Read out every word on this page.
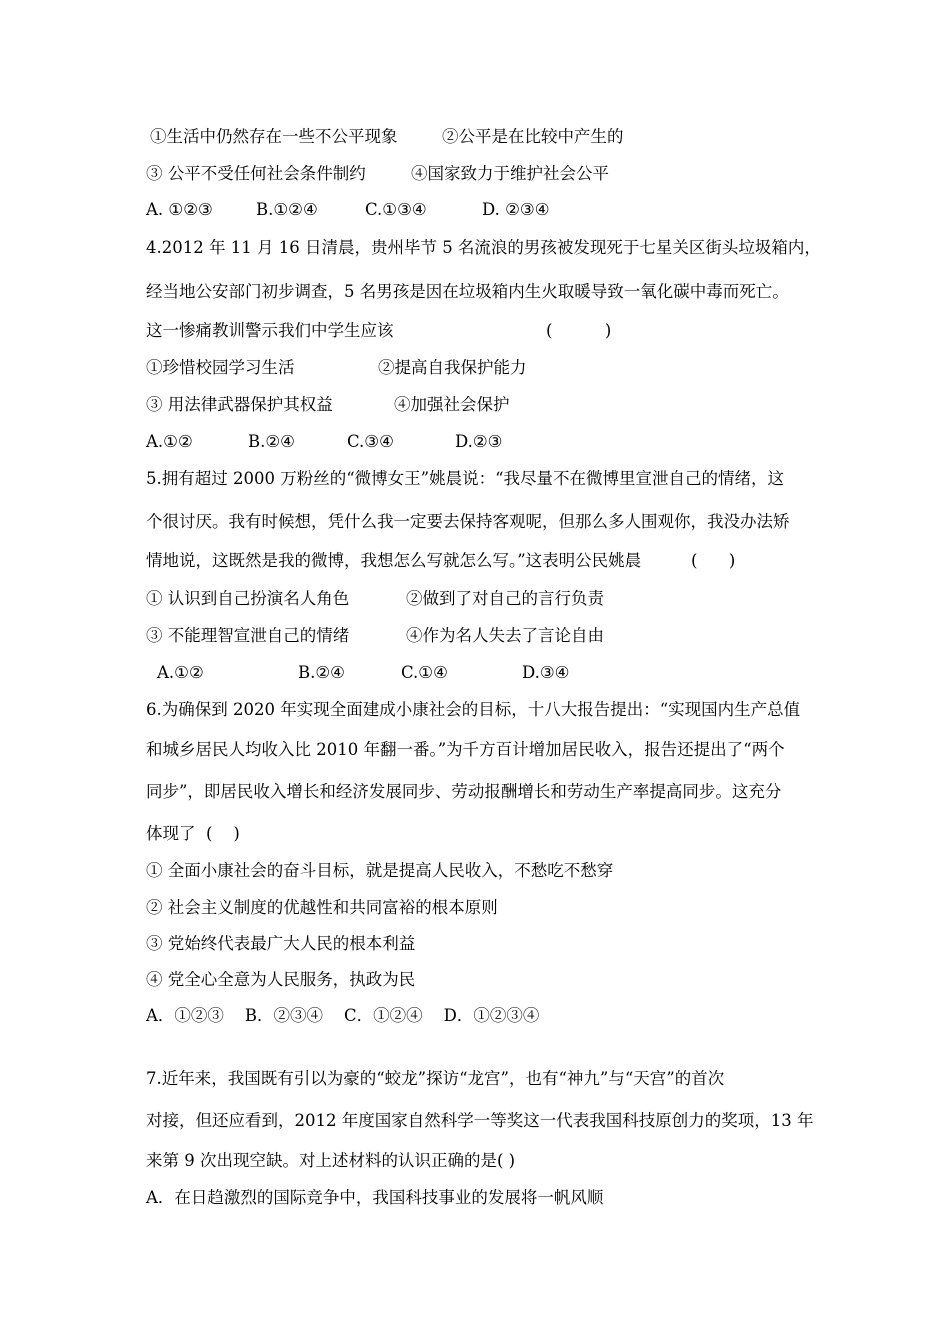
①生活中仍然存在一些不公平现象	②公平是在比较中产生的
③ 公平不受任何社会条件制约	④国家致力于维护社会公平
A. ①②③	B.①②④	C.①③④	D. ②③④
4.2012 年 11 月 16 日清晨，贵州毕节 5 名流浪的男孩被发现死于七星关区街头垃圾箱内，
经当地公安部门初步调查，5 名男孩是因在垃圾箱内生火取暖导致一氧化碳中毒而死亡。
这一惨痛教训警示我们中学生应该	(          )
①珍惜校园学习生活	②提高自我保护能力
③ 用法律武器保护其权益	④加强社会保护
A.①②	B.②④	C.③④	D.②③
5.拥有超过 2000 万粉丝的“微博女王”姚晨说：“我尽量不在微博里宣泄自己的情绪，这
个很讨厌。我有时候想，凭什么我一定要去保持客观呢，但那么多人围观你，我没办法矫
情地说，这既然是我的微博，我想怎么写就怎么写。”这表明公民姚晨	(      )
① 认识到自己扮演名人角色	②做到了对自己的言行负责
③ 不能理智宣泄自己的情绪	④作为名人失去了言论自由
A.①②	B.②④	C.①④	D.③④
6.为确保到 2020 年实现全面建成小康社会的目标，十八大报告提出：“实现国内生产总值
和城乡居民人均收入比 2010 年翻一番。”为千方百计增加居民收入，报告还提出了“两个
同步”，即居民收入增长和经济发展同步、劳动报酬增长和劳动生产率提高同步。这充分
体现了  (    )
① 全面小康社会的奋斗目标，就是提高人民收入，不愁吃不愁穿
② 社会主义制度的优越性和共同富裕的根本原则
③ 党始终代表最广大人民的根本利益
④ 党全心全意为人民服务，执政为民
A．①②③    B．②③④    C．①②④    D．①②③④
7.近年来，我国既有引以为豪的“蛟龙”探访“龙宫”，也有“神九”与“天宫”的首次
对接，但还应看到，2012 年度国家自然科学一等奖这一代表我国科技原创力的奖项，13 年
来第 9 次出现空缺。对上述材料的认识正确的是( )
A．在日趋激烈的国际竞争中，我国科技事业的发展将一帆风顺
